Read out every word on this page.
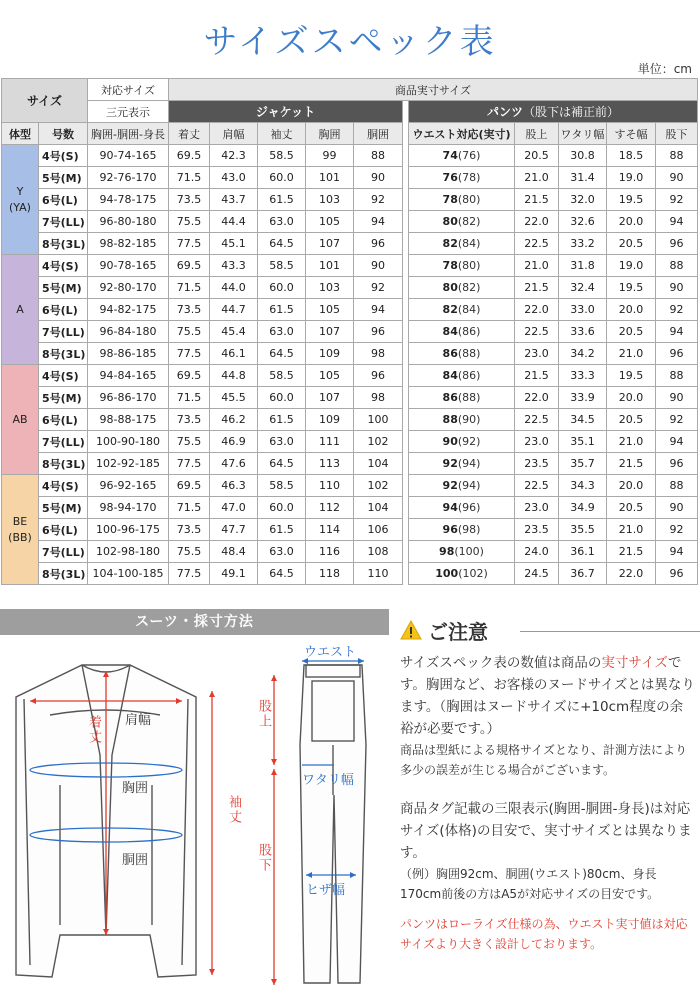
サイズスペック表
単位：cm
サイズ		対応サイズ	商品実寸サイズ										
		三元表示	ジャケット						パンツ（股下は補正前）				
体型	号数	胸囲-胴囲-身長	着丈	肩幅	袖丈	胸囲	胴囲		ウエスト対応(実寸)	股上	ワタリ幅	すそ幅	股下

Y
(YA)	4号(S)	90-74-165	69.5	42.3	58.5	99	88		74(76)	20.5	30.8	18.5	88
	5号(M)	92-76-170	71.5	43.0	60.0	101	90		76(78)	21.0	31.4	19.0	90
	6号(L)	94-78-175	73.5	43.7	61.5	103	92		78(80)	21.5	32.0	19.5	92
	7号(LL)	96-80-180	75.5	44.4	63.0	105	94		80(82)	22.0	32.6	20.0	94
	8号(3L)	98-82-185	77.5	45.1	64.5	107	96		82(84)	22.5	33.2	20.5	96

A	4号(S)	90-78-165	69.5	43.3	58.5	101	90		78(80)	21.0	31.8	19.0	88
	5号(M)	92-80-170	71.5	44.0	60.0	103	92		80(82)	21.5	32.4	19.5	90
	6号(L)	94-82-175	73.5	44.7	61.5	105	94		82(84)	22.0	33.0	20.0	92
	7号(LL)	96-84-180	75.5	45.4	63.0	107	96		84(86)	22.5	33.6	20.5	94
	8号(3L)	98-86-185	77.5	46.1	64.5	109	98		86(88)	23.0	34.2	21.0	96

AB	4号(S)	94-84-165	69.5	44.8	58.5	105	96		84(86)	21.5	33.3	19.5	88
	5号(M)	96-86-170	71.5	45.5	60.0	107	98		86(88)	22.0	33.9	20.0	90
	6号(L)	98-88-175	73.5	46.2	61.5	109	100		88(90)	22.5	34.5	20.5	92
	7号(LL)	100-90-180	75.5	46.9	63.0	111	102		90(92)	23.0	35.1	21.0	94
	8号(3L)	102-92-185	77.5	47.6	64.5	113	104		92(94)	23.5	35.7	21.5	96

BE
(BB)	4号(S)	96-92-165	69.5	46.3	58.5	110	102		92(94)	22.5	34.3	20.0	88
	5号(M)	98-94-170	71.5	47.0	60.0	112	104		94(96)	23.0	34.9	20.5	90
	6号(L)	100-96-175	73.5	47.7	61.5	114	106		96(98)	23.5	35.5	21.0	92
	7号(LL)	102-98-180	75.5	48.4	63.0	116	108		98(100)	24.0	36.1	21.5	94
	8号(3L)	104-100-185	77.5	49.1	64.5	118	110		100(102)	24.5	36.7	22.0	96
スーツ・採寸方法
肩幅
着丈
胸囲
胴囲
袖丈
ウエスト
股上
ワタリ幅
股下
ヒザ幅
ご注意

サイズスペック表の数値は商品の実寸サイズです。胸囲など、お客様のヌードサイズとは異なります。（胸囲はヌードサイズに+10cm程度の余裕が必要です。）

商品は型紙による規格サイズとなり、計測方法により多少の誤差が生じる場合がございます。

商品タグ記載の三限表示(胸囲-胴囲-身長)は対応サイズ(体格)の目安で、実寸サイズとは異なります。

（例）胸囲92cm、胴囲(ウエスト)80cm、身長170cm前後の方はA5が対応サイズの目安です。

パンツはローライズ仕様の為、ウエスト実寸値は対応サイズより大きく設計しております。
